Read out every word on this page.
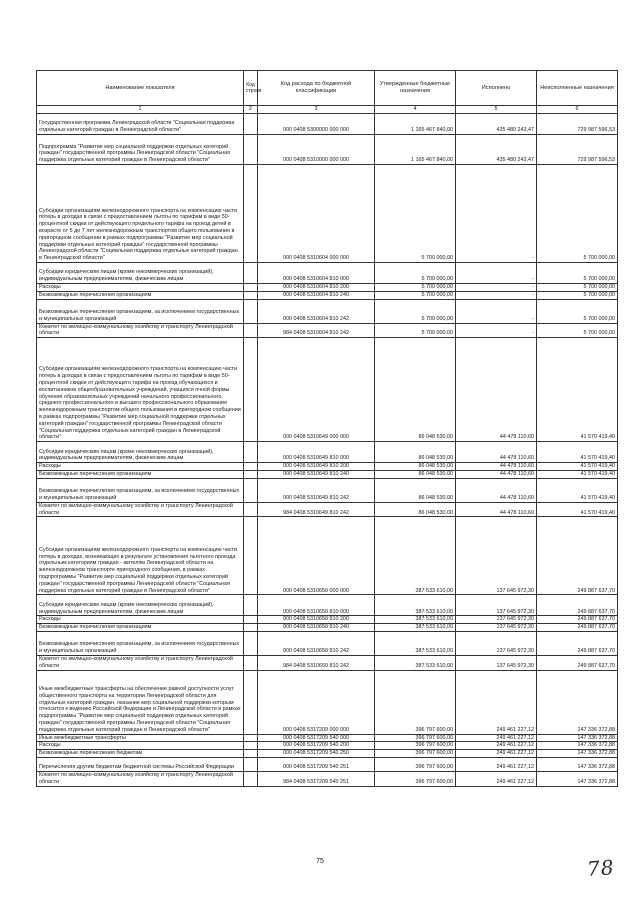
Наименование показателя	Код строки	Код расхода по бюджетной классификации	Утвержденные бюджетные назначения	Исполнено	Неисполненные назначения
1	2	3	4	5	6
Государственная программа Ленинградской области "Социальная поддержка отдельных категорий граждан в Ленинградской области"		000 0408 5300000 000 000	1 165 467 840,00	435 480 243,47	729 987 596,53
Подпрограмма "Развитие мер социальной поддержки отдельных категорий граждан" государственной программы Ленинградской области "Социальная поддержка отдельных категорий граждан в Ленинградской области"		000 0408 5310000 000 000	1 165 467 840,00	435 480 243,47	729 987 596,53
Субсидии организациям железнодорожного транспорта на компенсацию части потерь в доходах в связи с предоставлением льготы по тарифам в виде 50-процентной скидки от действующего предельного тарифа на проезд детей в возрасте от 5 до 7 лет железнодорожным транспортом общего пользования в пригородном сообщении в рамках подпрограммы "Развитие мер социальной поддержки отдельных категорий граждан" государственной программы Ленинградской области "Социальная поддержка отдельных категорий граждан в Ленинградской области"		000 0408 5310604 000 000	5 700 000,00	-	5 700 000,00
Субсидии юридическим лицам (кроме некоммерческих организаций), индивидуальным предпринимателям, физическим лицам		000 0408 5310604 810 000	5 700 000,00	-	5 700 000,00
Расходы		000 0408 5310604 810 200	5 700 000,00	-	5 700 000,00
Безвозмездные перечисления организациям		000 0408 5310604 810 240	5 700 000,00	-	5 700 000,00
Безвозмездные перечисления организациям, за исключением государственных и муниципальных организаций		000 0408 5310604 810 242	5 700 000,00	-	5 700 000,00
Комитет по жилищно-коммунальному хозяйству и транспорту Ленинградской области		984 0408 5310604 810 242	5 700 000,00	-	5 700 000,00
Субсидии организациям железнодорожного транспорта на компенсацию части потерь в доходах в связи с предоставлением льготы по тарифам в виде 50-процентной скидки от действующего тарифа на проезд обучающихся и воспитанников общеобразовательных учреждений, учащихся очной формы обучения образовательных учреждений начального профессионального, среднего профессионального и высшего профессионального образования железнодорожным транспортом общего пользования в пригородном сообщении в рамках подпрограммы "Развитие мер социальной поддержки отдельных категорий граждан" государственной программы Ленинградской области "Социальная поддержка отдельных категорий граждан в Ленинградской области"		000 0408 5310649 000 000	86 048 530,00	44 478 110,60	41 570 419,40
Субсидии юридическим лицам (кроме некоммерческих организаций), индивидуальным предпринимателям, физическим лицам		000 0408 5310649 810 000	86 048 530,00	44 478 110,60	41 570 419,40
Расходы		000 0408 5310649 810 200	86 048 530,00	44 478 110,60	41 570 419,40
Безвозмездные перечисления организациям		000 0408 5310649 810 240	86 048 530,00	44 478 110,60	41 570 419,40
Безвозмездные перечисления организациям, за исключением государственных и муниципальных организаций		000 0408 5310649 810 242	86 048 530,00	44 478 110,60	41 570 419,40
Комитет по жилищно-коммунальному хозяйству и транспорту Ленинградской области		984 0408 5310649 810 242	86 048 530,00	44 478 110,60	41 570 419,40
Субсидии организациям железнодорожного транспорта на компенсацию части потерь в доходах, возникающих в результате установления льготного проезда отдельным категориям граждан - жителям Ленинградской области на железнодорожном транспорте пригородного сообщения, в рамках подпрограммы "Развитие мер социальной поддержки отдельных категорий граждан" государственной программы Ленинградской области "Социальная поддержка отдельных категорий граждан в Ленинградской области"		000 0408 5310650 000 000	387 533 610,00	137 645 972,30	249 887 637,70
Субсидии юридическим лицам (кроме некоммерческих организаций), индивидуальным предпринимателям, физическим лицам		000 0408 5310650 810 000	387 533 610,00	137 645 972,30	249 887 637,70
Расходы		000 0408 5310650 810 200	387 533 610,00	137 645 972,30	249 887 637,70
Безвозмездные перечисления организациям		000 0408 5310650 810 240	387 533 610,00	137 645 972,30	249 887 637,70
Безвозмездные перечисления организациям, за исключением государственных и муниципальных организаций		000 0408 5310650 810 242	387 533 610,00	137 645 972,30	249 887 637,70
Комитет по жилищно-коммунальному хозяйству и транспорту Ленинградской области		984 0408 5310650 810 242	387 533 610,00	137 645 972,30	249 887 637,70
Иные межбюджетные трансферты на обеспечение равной доступности услуг общественного транспорта на территории Ленинградской области для отдельных категорий граждан, оказание мер социальной поддержки которым относится к ведению Российской Федерации и Ленинградской области в рамках подпрограммы "Развитие мер социальной поддержки отдельных категорий граждан" государственной программы Ленинградской области "Социальная поддержка отдельных категорий граждан в Ленинградской области"		000 0408 5317209 000 000	396 797 600,00	249 461 227,12	147 336 372,88
Иные межбюджетные трансферты		000 0408 5317209 540 000	396 797 600,00	249 461 227,12	147 336 372,88
Расходы		000 0408 5317209 540 200	396 797 600,00	249 461 227,12	147 336 372,88
Безвозмездные перечисления бюджетам		000 0408 5317209 540 250	396 797 600,00	249 461 227,12	147 336 372,88
Перечисления другим бюджетам бюджетной системы Российской Федерации		000 0408 5317209 540 251	396 797 600,00	249 461 227,12	147 336 372,88
Комитет по жилищно-коммунальному хозяйству и транспорту Ленинградской области		984 0408 5317209 540 251	396 797 600,00	249 461 227,12	147 336 372,88
75	78
